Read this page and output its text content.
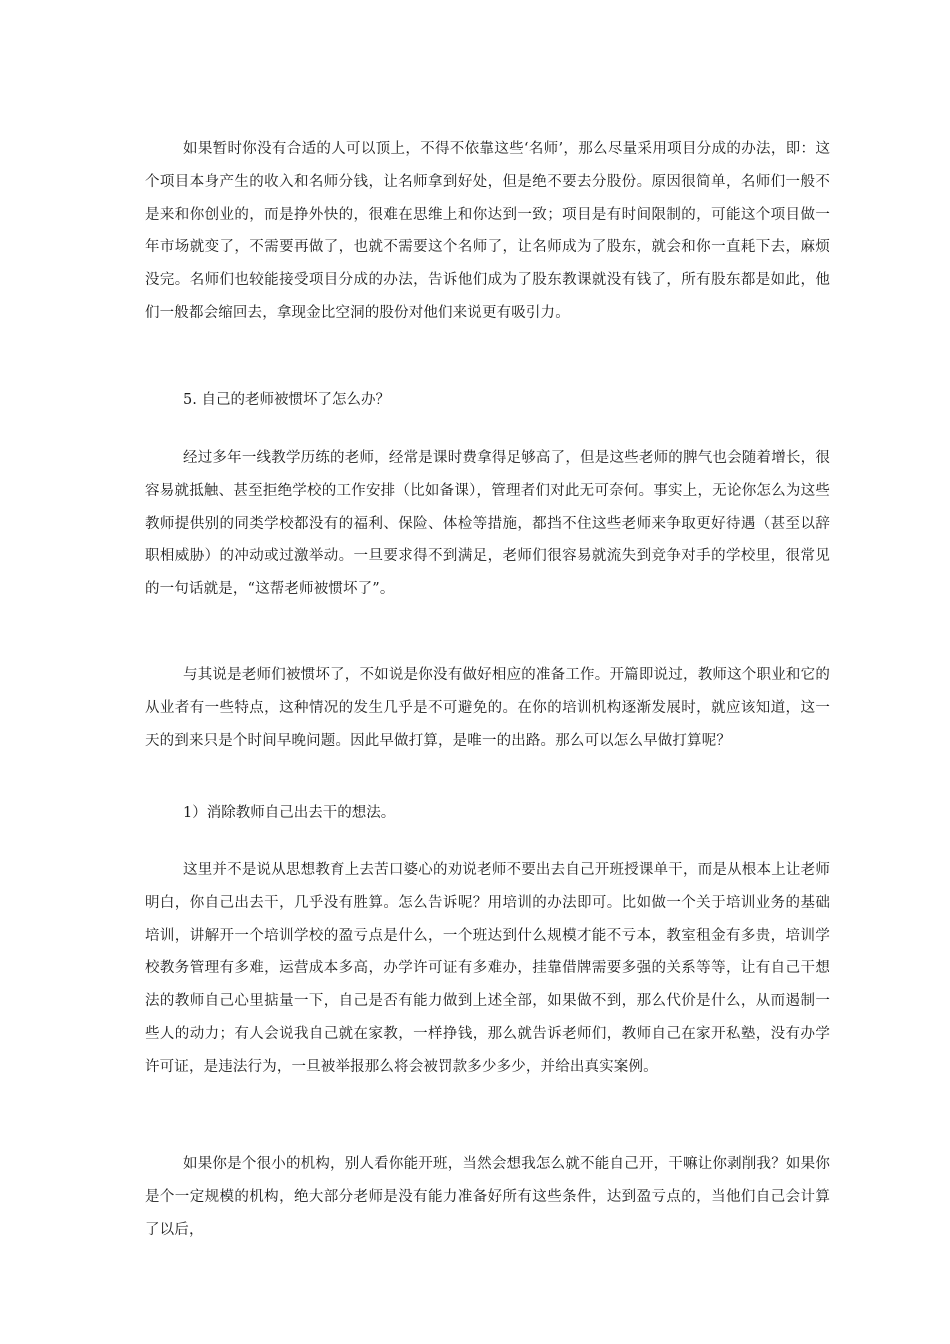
如果暂时你没有合适的人可以顶上，不得不依靠这些‘名师’，那么尽量采用项目分成的办法，即：这个项目本身产生的收入和名师分钱，让名师拿到好处，但是绝不要去分股份。原因很简单，名师们一般不是来和你创业的，而是挣外快的，很难在思维上和你达到一致；项目是有时间限制的，可能这个项目做一年市场就变了，不需要再做了，也就不需要这个名师了，让名师成为了股东，就会和你一直耗下去，麻烦没完。名师们也较能接受项目分成的办法，告诉他们成为了股东教课就没有钱了，所有股东都是如此，他们一般都会缩回去，拿现金比空洞的股份对他们来说更有吸引力。

5. 自己的老师被惯坏了怎么办？

经过多年一线教学历练的老师，经常是课时费拿得足够高了，但是这些老师的脾气也会随着增长，很容易就抵触、甚至拒绝学校的工作安排（比如备课），管理者们对此无可奈何。事实上，无论你怎么为这些教师提供别的同类学校都没有的福利、保险、体检等措施，都挡不住这些老师来争取更好待遇（甚至以辞职相威胁）的冲动或过激举动。一旦要求得不到满足，老师们很容易就流失到竞争对手的学校里，很常见的一句话就是，“这帮老师被惯坏了”。

与其说是老师们被惯坏了，不如说是你没有做好相应的准备工作。开篇即说过，教师这个职业和它的从业者有一些特点，这种情况的发生几乎是不可避免的。在你的培训机构逐渐发展时，就应该知道，这一天的到来只是个时间早晚问题。因此早做打算，是唯一的出路。那么可以怎么早做打算呢？

1）消除教师自己出去干的想法。

这里并不是说从思想教育上去苦口婆心的劝说老师不要出去自己开班授课单干，而是从根本上让老师明白，你自己出去干，几乎没有胜算。怎么告诉呢？用培训的办法即可。比如做一个关于培训业务的基础培训，讲解开一个培训学校的盈亏点是什么，一个班达到什么规模才能不亏本，教室租金有多贵，培训学校教务管理有多难，运营成本多高，办学许可证有多难办，挂靠借牌需要多强的关系等等，让有自己干想法的教师自己心里掂量一下，自己是否有能力做到上述全部，如果做不到，那么代价是什么，从而遏制一些人的动力；有人会说我自己就在家教，一样挣钱，那么就告诉老师们，教师自己在家开私塾，没有办学许可证，是违法行为，一旦被举报那么将会被罚款多少多少，并给出真实案例。

如果你是个很小的机构，别人看你能开班，当然会想我怎么就不能自己开，干嘛让你剥削我？如果你是个一定规模的机构，绝大部分老师是没有能力准备好所有这些条件，达到盈亏点的，当他们自己会计算了以后，
